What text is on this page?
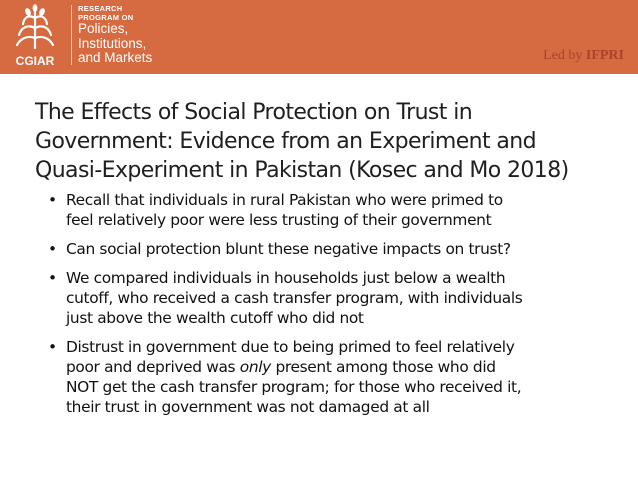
CGIAR
RESEARCH
PROGRAM ON
Policies,
Institutions,
and Markets	Led by IFPRI
The Effects of Social Protection on Trust in
Government: Evidence from an Experiment and
Quasi-Experiment in Pakistan (Kosec and Mo 2018)
• Recall that individuals in rural Pakistan who were primed to
feel relatively poor were less trusting of their government
• Can social protection blunt these negative impacts on trust?
• We compared individuals in households just below a wealth
cutoff, who received a cash transfer program, with individuals
just above the wealth cutoff who did not
• Distrust in government due to being primed to feel relatively
poor and deprived was only present among those who did
NOT get the cash transfer program; for those who received it,
their trust in government was not damaged at all
